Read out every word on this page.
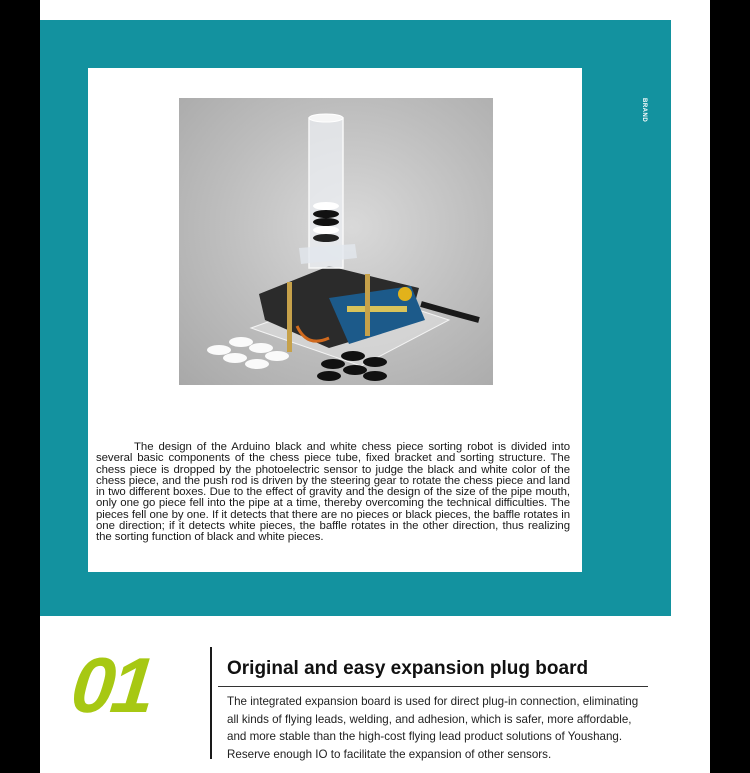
BRAND

The design of the Arduino black and white chess piece sorting robot is divided into several basic components of the chess piece tube, fixed bracket and sorting structure. The chess piece is dropped by the photoelectric sensor to judge the black and white color of the chess piece, and the push rod is driven by the steering gear to rotate the chess piece and land in two different boxes. Due to the effect of gravity and the design of the size of the pipe mouth, only one go piece fell into the pipe at a time, thereby overcoming the technical difficulties. The pieces fell one by one. If it detects that there are no pieces or black pieces, the baffle rotates in one direction; if it detects white pieces, the baffle rotates in the other direction, thus realizing the sorting function of black and white pieces.

01	Original and easy expansion plug board

The integrated expansion board is used for direct plug-in connection, eliminating all kinds of flying leads, welding, and adhesion, which is safer, more affordable, and more stable than the high-cost flying lead product solutions of Youshang. Reserve enough IO to facilitate the expansion of other sensors.
